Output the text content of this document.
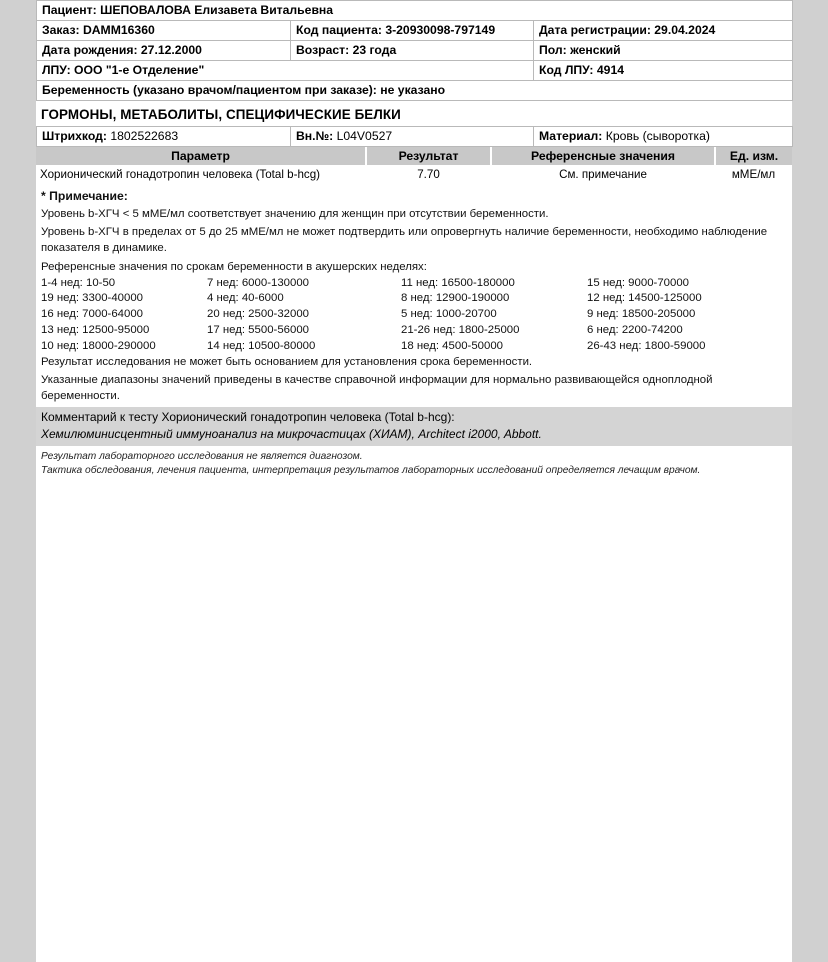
Пациент: ШЕПОВАЛОВА Елизавета Витальевна		
Заказ: DAMM16360	Код пациента: 3-20930098-797149	Дата регистрации: 29.04.2024
Дата рождения: 27.12.2000	Возраст: 23 года	Пол: женский
ЛПУ: ООО "1-е Отделение"		Код ЛПУ: 4914
Беременность (указано врачом/пациентом при заказе): не указано		
ГОРМОНЫ, МЕТАБОЛИТЫ, СПЕЦИФИЧЕСКИЕ БЕЛКИ
Штрихкод: 1802522683	Вн.№: L04V0527	Материал: Кровь (сыворотка)
Параметр	Результат	Референсные значения	Ед. изм.
Хорионический гонадотропин человека (Total b-hcg)	7.70	См. примечание	мМЕ/мл
* Примечание:
Уровень b-ХГЧ < 5 мМЕ/мл соответствует значению для женщин при отсутствии беременности.
Уровень b-ХГЧ в пределах от 5 до 25 мМЕ/мл не может подтвердить или опровергнуть наличие беременности, необходимо наблюдение
показателя в динамике.
Референсные значения по срокам беременности в акушерских неделях:
1-4 нед: 10-50	7 нед: 6000-130000	11 нед: 16500-180000	15 нед: 9000-70000
19 нед: 3300-40000	4 нед: 40-6000	8 нед: 12900-190000	12 нед: 14500-125000
16 нед: 7000-64000	20 нед: 2500-32000	5 нед: 1000-20700	9 нед: 18500-205000
13 нед: 12500-95000	17 нед: 5500-56000	21-26 нед: 1800-25000	6 нед: 2200-74200
10 нед: 18000-290000	14 нед: 10500-80000	18 нед: 4500-50000	26-43 нед: 1800-59000
Результат исследования не может быть основанием для установления срока беременности.
Указанные диапазоны значений приведены в качестве справочной информации для нормально развивающейся одноплодной беременности.
Комментарий к тесту Хорионический гонадотропин человека (Total b-hcg):
Хемилюминисцентный иммуноанализ на микрочастицах (ХИАМ), Architect i2000, Abbott.
Результат лабораторного исследования не является диагнозом.
Тактика обследования, лечения пациента, интерпретация результатов лабораторных исследований определяется лечащим врачом.
